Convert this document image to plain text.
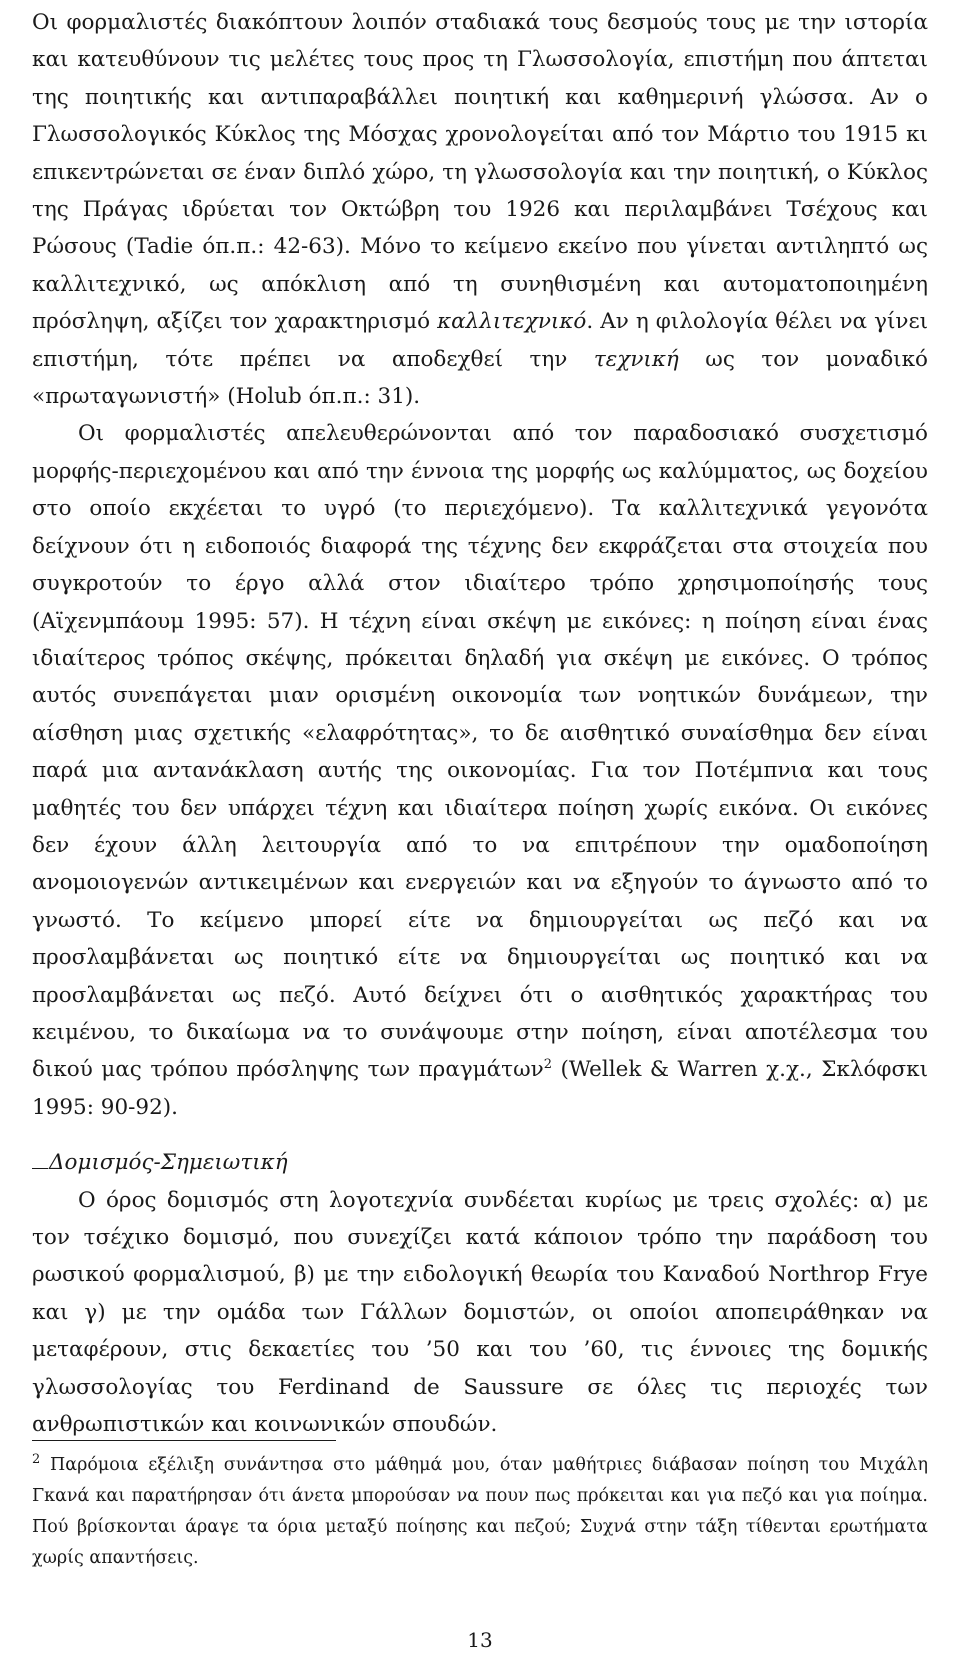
Οι φορμαλιστές διακόπτουν λοιπόν σταδιακά τους δεσμούς τους με την ιστορία και κατευθύνουν τις μελέτες τους προς τη Γλωσσολογία, επιστήμη που άπτεται της ποιητικής και αντιπαραβάλλει ποιητική και καθημερινή γλώσσα. Αν ο Γλωσσολογικός Κύκλος της Μόσχας χρονολογείται από τον Μάρτιο του 1915 κι επικεντρώνεται σε έναν διπλό χώρο, τη γλωσσολογία και την ποιητική, ο Κύκλος της Πράγας ιδρύεται τον Οκτώβρη του 1926 και περιλαμβάνει Τσέχους και Ρώσους (Tadie όπ.π.: 42-63). Μόνο το κείμενο εκείνο που γίνεται αντιληπτό ως καλλιτεχνικό, ως απόκλιση από τη συνηθισμένη και αυτοματοποιημένη πρόσληψη, αξίζει τον χαρακτηρισμό καλλιτεχνικό. Αν η φιλολογία θέλει να γίνει επιστήμη, τότε πρέπει να αποδεχθεί την τεχνική ως τον μοναδικό «πρωταγωνιστή» (Holub όπ.π.: 31).

Οι φορμαλιστές απελευθερώνονται από τον παραδοσιακό συσχετισμό μορφής-περιεχομένου και από την έννοια της μορφής ως καλύμματος, ως δοχείου στο οποίο εκχέεται το υγρό (το περιεχόμενο). Τα καλλιτεχνικά γεγονότα δείχνουν ότι η ειδοποιός διαφορά της τέχνης δεν εκφράζεται στα στοιχεία που συγκροτούν το έργο αλλά στον ιδιαίτερο τρόπο χρησιμοποίησής τους (Αϊχενμπάουμ 1995: 57). Η τέχνη είναι σκέψη με εικόνες: η ποίηση είναι ένας ιδιαίτερος τρόπος σκέψης, πρόκειται δηλαδή για σκέψη με εικόνες. Ο τρόπος αυτός συνεπάγεται μιαν ορισμένη οικονομία των νοητικών δυνάμεων, την αίσθηση μιας σχετικής «ελαφρότητας», το δε αισθητικό συναίσθημα δεν είναι παρά μια αντανάκλαση αυτής της οικονομίας. Για τον Ποτέμπνια και τους μαθητές του δεν υπάρχει τέχνη και ιδιαίτερα ποίηση χωρίς εικόνα. Οι εικόνες δεν έχουν άλλη λειτουργία από το να επιτρέπουν την ομαδοποίηση ανομοιογενών αντικειμένων και ενεργειών και να εξηγούν το άγνωστο από το γνωστό. Το κείμενο μπορεί είτε να δημιουργείται ως πεζό και να προσλαμβάνεται ως ποιητικό είτε να δημιουργείται ως ποιητικό και να προσλαμβάνεται ως πεζό. Αυτό δείχνει ότι ο αισθητικός χαρακτήρας του κειμένου, το δικαίωμα να το συνάψουμε στην ποίηση, είναι αποτέλεσμα του δικού μας τρόπου πρόσληψης των πραγμάτων$^2$ (Wellek & Warren χ.χ., Σκλόφσκι 1995: 90-92).

Δομισμός-Σημειωτική

Ο όρος δομισμός στη λογοτεχνία συνδέεται κυρίως με τρεις σχολές: α) με τον τσέχικο δομισμό, που συνεχίζει κατά κάποιον τρόπο την παράδοση του ρωσικού φορμαλισμού, β) με την ειδολογική θεωρία του Καναδού Northrop Frye και γ) με την ομάδα των Γάλλων δομιστών, οι οποίοι αποπειράθηκαν να μεταφέρουν, στις δεκαετίες του ’50 και του ’60, τις έννοιες της δομικής γλωσσολογίας του Ferdinand de Saussure σε όλες τις περιοχές των ανθρωπιστικών και κοινωνικών σπουδών.

$^2$ Παρόμοια εξέλιξη συνάντησα στο μάθημά μου, όταν μαθήτριες διάβασαν ποίηση του Μιχάλη Γκανά και παρατήρησαν ότι άνετα μπορούσαν να πουν πως πρόκειται και για πεζό και για ποίημα. Πού βρίσκονται άραγε τα όρια μεταξύ ποίησης και πεζού; Συχνά στην τάξη τίθενται ερωτήματα χωρίς απαντήσεις.

13
